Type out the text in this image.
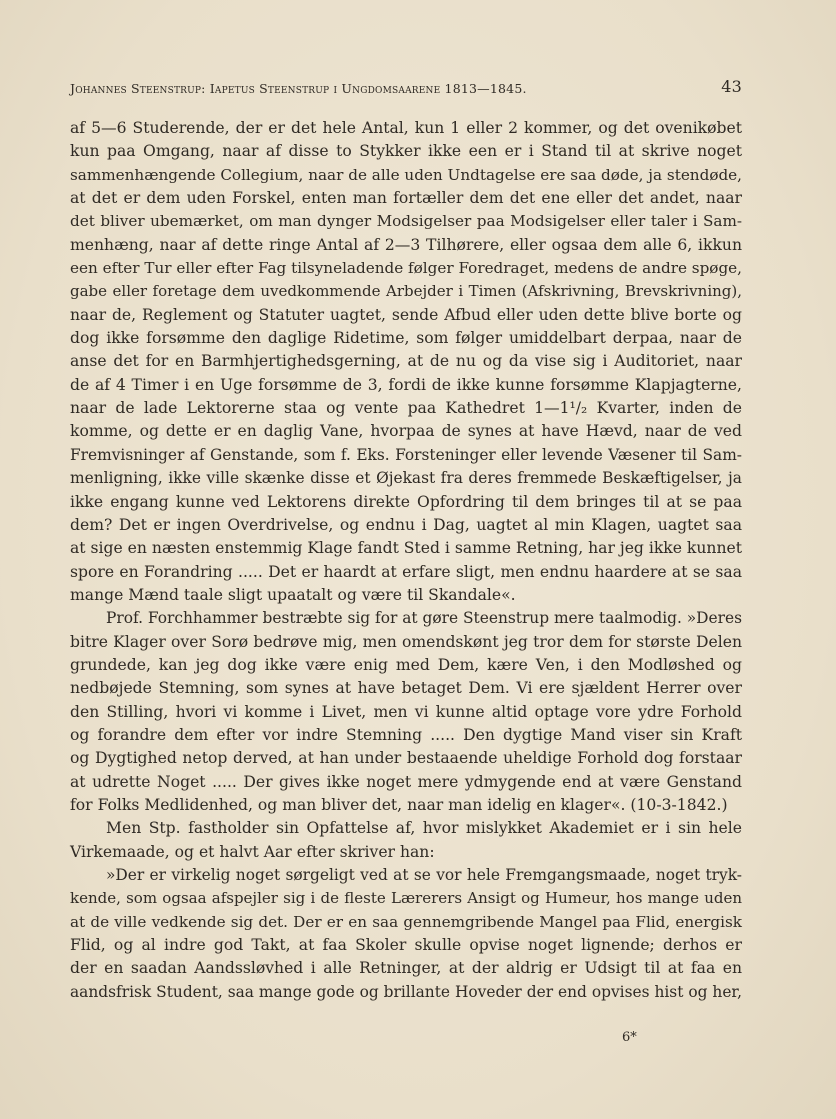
Johannes Steenstrup: Iapetus Steenstrup i Ungdomsaarene 1813—1845.	43
af 5—6 Studerende, der er det hele Antal, kun 1 eller 2 kommer, og det ovenikøbet
kun paa Omgang, naar af disse to Stykker ikke een er i Stand til at skrive noget
sammenhængende Collegium, naar de alle uden Undtagelse ere saa døde, ja stendøde,
at det er dem uden Forskel, enten man fortæller dem det ene eller det andet, naar
det bliver ubemærket, om man dynger Modsigelser paa Modsigelser eller taler i Sam-
menhæng, naar af dette ringe Antal af 2—3 Tilhørere, eller ogsaa dem alle 6, ikkun
een efter Tur eller efter Fag tilsyneladende følger Foredraget, medens de andre spøge,
gabe eller foretage dem uvedkommende Arbejder i Timen (Afskrivning, Brevskrivning),
naar de, Reglement og Statuter uagtet, sende Afbud eller uden dette blive borte og
dog ikke forsømme den daglige Ridetime, som følger umiddelbart derpaa, naar de
anse det for en Barmhjertighedsgerning, at de nu og da vise sig i Auditoriet, naar
de af 4 Timer i en Uge forsømme de 3, fordi de ikke kunne forsømme Klapjagterne,
naar de lade Lektorerne staa og vente paa Kathedret 1—1¹/₂ Kvarter, inden de
komme, og dette er en daglig Vane, hvorpaa de synes at have Hævd, naar de ved
Fremvisninger af Genstande, som f. Eks. Forsteninger eller levende Væsener til Sam-
menligning, ikke ville skænke disse et Øjekast fra deres fremmede Beskæftigelser, ja
ikke engang kunne ved Lektorens direkte Opfordring til dem bringes til at se paa
dem? Det er ingen Overdrivelse, og endnu i Dag, uagtet al min Klagen, uagtet saa
at sige en næsten enstemmig Klage fandt Sted i samme Retning, har jeg ikke kunnet
spore en Forandring ..... Det er haardt at erfare sligt, men endnu haardere at se saa
mange Mænd taale sligt upaatalt og være til Skandale«.
Prof. Forchhammer bestræbte sig for at gøre Steenstrup mere taalmodig. »Deres
bitre Klager over Sorø bedrøve mig, men omendskønt jeg tror dem for største Delen
grundede, kan jeg dog ikke være enig med Dem, kære Ven, i den Modløshed og
nedbøjede Stemning, som synes at have betaget Dem. Vi ere sjældent Herrer over
den Stilling, hvori vi komme i Livet, men vi kunne altid optage vore ydre Forhold
og forandre dem efter vor indre Stemning ..... Den dygtige Mand viser sin Kraft
og Dygtighed netop derved, at han under bestaaende uheldige Forhold dog forstaar
at udrette Noget ..... Der gives ikke noget mere ydmygende end at være Genstand
for Folks Medlidenhed, og man bliver det, naar man idelig en klager«. (10-3-1842.)
Men Stp. fastholder sin Opfattelse af, hvor mislykket Akademiet er i sin hele
Virkemaade, og et halvt Aar efter skriver han:
»Der er virkelig noget sørgeligt ved at se vor hele Fremgangsmaade, noget tryk-
kende, som ogsaa afspejler sig i de fleste Lærerers Ansigt og Humeur, hos mange uden
at de ville vedkende sig det. Der er en saa gennemgribende Mangel paa Flid, energisk
Flid, og al indre god Takt, at faa Skoler skulle opvise noget lignende; derhos er
der en saadan Aandssløvhed i alle Retninger, at der aldrig er Udsigt til at faa en
aandsfrisk Student, saa mange gode og brillante Hoveder der end opvises hist og her,
6*
